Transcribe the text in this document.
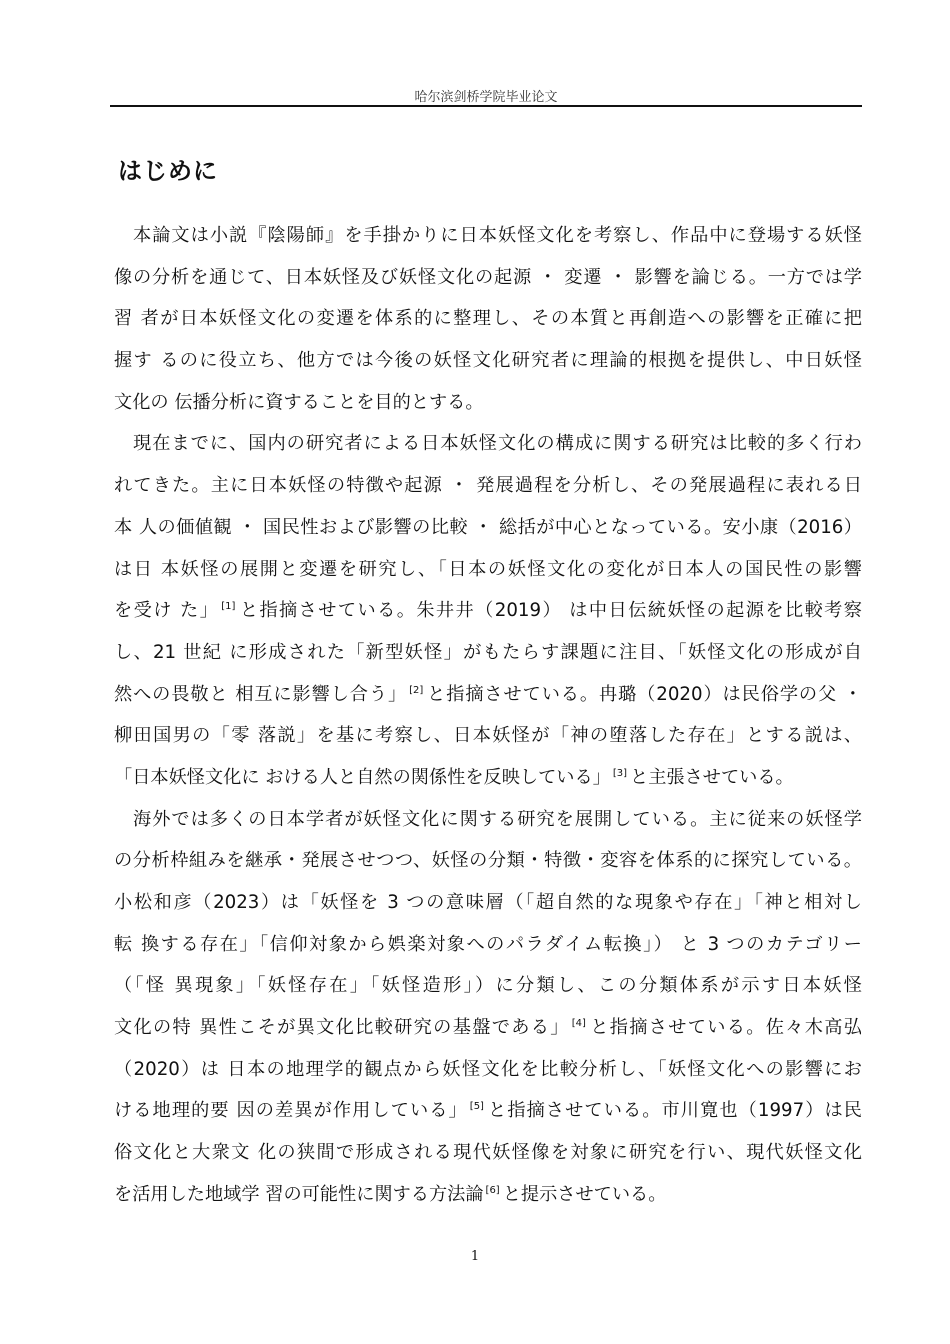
哈尔滨剑桥学院毕业论文
はじめに
本論文は小説『陰陽師』を手掛かりに日本妖怪文化を考察し、作品中に登場する妖怪
像の分析を通じて、日本妖怪及び妖怪文化の起源 ・ 変遷 ・ 影響を論じる。一方では学
習 者が日本妖怪文化の変遷を体系的に整理し、その本質と再創造への影響を正確に把
握す るのに役立ち、他方では今後の妖怪文化研究者に理論的根拠を提供し、中日妖怪
文化の 伝播分析に資することを目的とする。
現在までに、国内の研究者による日本妖怪文化の構成に関する研究は比較的多く行わ
れてきた。主に日本妖怪の特徴や起源 ・ 発展過程を分析し、その発展過程に表れる日
本 人の価値観 ・ 国民性および影響の比較 ・ 総括が中心となっている。安小康（2016）
は日 本妖怪の展開と変遷を研究し、「日本の妖怪文化の変化が日本人の国民性の影響
を受け た」 [1] と指摘させている。朱井井（2019） は中日伝統妖怪の起源を比較考察
し、21 世紀 に形成された「新型妖怪」がもたらす課題に注目、「妖怪文化の形成が自
然への畏敬と 相互に影響し合う」 [2] と指摘させている。冉璐（2020）は民俗学の父 ・
柳田国男の「零 落説」を基に考察し、日本妖怪が「神の堕落した存在」とする説は、
「日本妖怪文化に おける人と自然の関係性を反映している」 [3] と主張させている。
海外では多くの日本学者が妖怪文化に関する研究を展開している。主に従来の妖怪学
の分析枠組みを継承・発展させつつ、妖怪の分類・特徴・変容を体系的に探究している。
小松和彦（2023）は「妖怪を 3 つの意味層（「超自然的な現象や存在」「神と相対し
転 換する存在」「信仰対象から娯楽対象へのパラダイム転換」） と 3 つのカテゴリー
（「怪 異現象」「妖怪存在」「妖怪造形」）に分類し、この分類体系が示す日本妖怪
文化の特 異性こそが異文化比較研究の基盤である」 [4] と指摘させている。佐々木高弘
（2020）は 日本の地理学的観点から妖怪文化を比較分析し、「妖怪文化への影響にお
ける地理的要 因の差異が作用している」 [5] と指摘させている。市川寛也（1997）は民
俗文化と大衆文 化の狭間で形成される現代妖怪像を対象に研究を行い、現代妖怪文化
を活用した地域学 習の可能性に関する方法論 [6] と提示させている。
1
